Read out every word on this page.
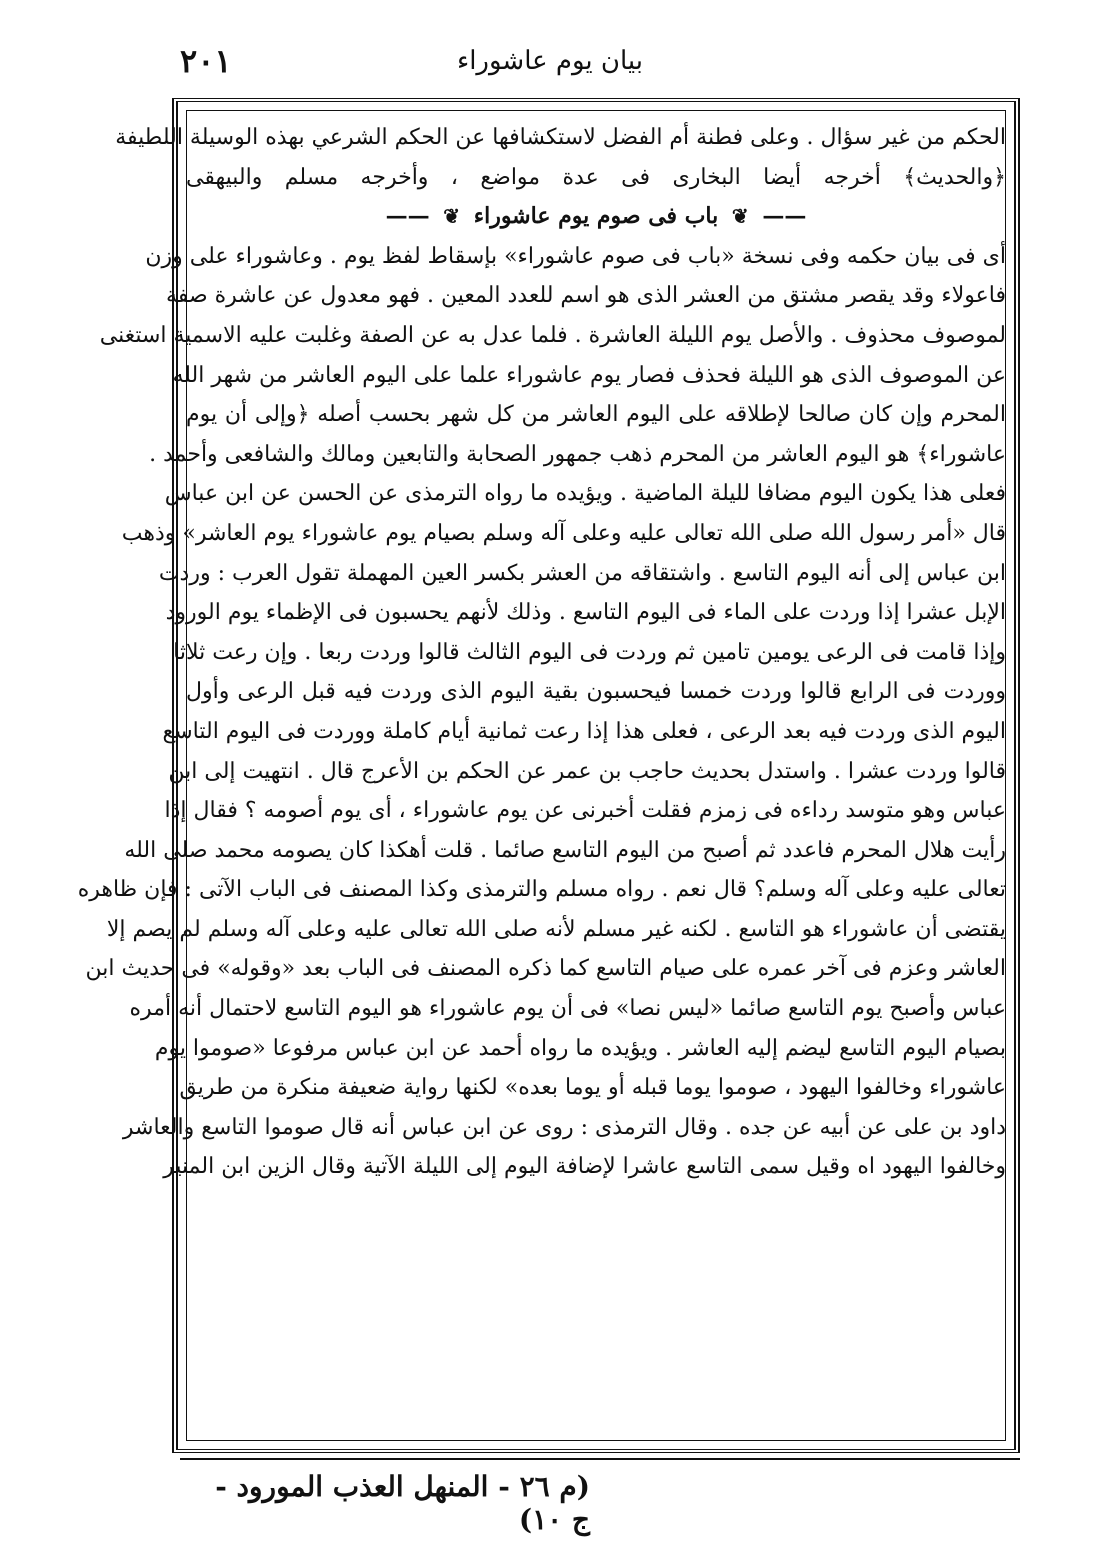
بيان يوم عاشوراء
٢٠١
الحكم من غير سؤال . وعلى فطنة أم الفضل لاستكشافها عن الحكم الشرعي بهذه الوسيلة اللطيفة
﴿والحديث﴾ أخرجه أيضا البخارى فى عدة مواضع ، وأخرجه مسلم والبيهقى
—— ❦ باب فى صوم يوم عاشوراء ❦ ——
أى فى بيان حكمه وفى نسخة «باب فى صوم عاشوراء» بإسقاط لفظ يوم . وعاشوراء على وزن
فاعولاء وقد يقصر مشتق من العشر الذى هو اسم للعدد المعين . فهو معدول عن عاشرة صفة
لموصوف محذوف . والأصل يوم الليلة العاشرة . فلما عدل به عن الصفة وغلبت عليه الاسمية استغنى
عن الموصوف الذى هو الليلة فحذف فصار يوم عاشوراء علما على اليوم العاشر من شهر الله
المحرم وإن كان صالحا لإطلاقه على اليوم العاشر من كل شهر بحسب أصله ﴿وإلى أن يوم
عاشوراء﴾ هو اليوم العاشر من المحرم ذهب جمهور الصحابة والتابعين ومالك والشافعى وأحمد .
فعلى هذا يكون اليوم مضافا لليلة الماضية . ويؤيده ما رواه الترمذى عن الحسن عن ابن عباس
قال «أمر رسول الله صلى الله تعالى عليه وعلى آله وسلم بصيام يوم عاشوراء يوم العاشر» وذهب
ابن عباس إلى أنه اليوم التاسع . واشتقاقه من العشر بكسر العين المهملة تقول العرب : وردت
الإبل عشرا إذا وردت على الماء فى اليوم التاسع . وذلك لأنهم يحسبون فى الإظماء يوم الورود
وإذا قامت فى الرعى يومين تامين ثم وردت فى اليوم الثالث قالوا وردت ربعا . وإن رعت ثلاثا
ووردت فى الرابع قالوا وردت خمسا فيحسبون بقية اليوم الذى وردت فيه قبل الرعى وأول
اليوم الذى وردت فيه بعد الرعى ، فعلى هذا إذا رعت ثمانية أيام كاملة ووردت فى اليوم التاسع
قالوا وردت عشرا . واستدل بحديث حاجب بن عمر عن الحكم بن الأعرج قال . انتهيت إلى ابن
عباس وهو متوسد رداءه فى زمزم فقلت أخبرنى عن يوم عاشوراء ، أى يوم أصومه ؟ فقال إذا
رأيت هلال المحرم فاعدد ثم أصبح من اليوم التاسع صائما . قلت أهكذا كان يصومه محمد صلى الله
تعالى عليه وعلى آله وسلم؟ قال نعم . رواه مسلم والترمذى وكذا المصنف فى الباب الآتى : فإن ظاهره
يقتضى أن عاشوراء هو التاسع . لكنه غير مسلم لأنه صلى الله تعالى عليه وعلى آله وسلم لم يصم إلا
العاشر وعزم فى آخر عمره على صيام التاسع كما ذكره المصنف فى الباب بعد «وقوله» فى حديث ابن
عباس وأصبح يوم التاسع صائما «ليس نصا» فى أن يوم عاشوراء هو اليوم التاسع لاحتمال أنه أمره
بصيام اليوم التاسع ليضم إليه العاشر . ويؤيده ما رواه أحمد عن ابن عباس مرفوعا «صوموا يوم
عاشوراء وخالفوا اليهود ، صوموا يوما قبله أو يوما بعده» لكنها رواية ضعيفة منكرة من طريق
داود بن على عن أبيه عن جده . وقال الترمذى : روى عن ابن عباس أنه قال صوموا التاسع والعاشر
وخالفوا اليهود اه وقيل سمى التاسع عاشرا لإضافة اليوم إلى الليلة الآتية وقال الزين ابن المنير
(م ٢٦ - المنهل العذب المورود - ج ١٠)
